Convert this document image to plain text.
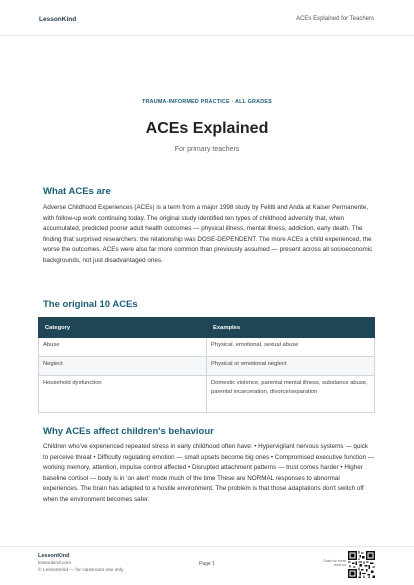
LessonKind	ACEs Explained for Teachers
TRAUMA-INFORMED PRACTICE · ALL GRADES
ACEs Explained
For primary teachers
What ACEs are
Adverse Childhood Experiences (ACEs) is a term from a major 1998 study by Felitti and Anda at Kaiser Permanente, with follow-up work continuing today. The original study identified ten types of childhood adversity that, when accumulated, predicted poorer adult health outcomes — physical illness, mental illness, addiction, early death. The finding that surprised researchers: the relationship was DOSE-DEPENDENT. The more ACEs a child experienced, the worse the outcomes. ACEs were also far more common than previously assumed — present across all socioeconomic backgrounds, not just disadvantaged ones.
The original 10 ACEs
Category	Examples
Abuse	Physical, emotional, sexual abuse
Neglect	Physical or emotional neglect
Household dysfunction	Domestic violence, parental mental illness, substance abuse, parental incarceration, divorce/separation
Why ACEs affect children's behaviour
Children who've experienced repeated stress in early childhood often have: • Hypervigilant nervous systems — quick to perceive threat • Difficulty regulating emotion — small upsets become big ones • Compromised executive function — working memory, attention, impulse control affected • Disrupted attachment patterns — trust comes harder • Higher baseline cortisol — body is in 'on alert' mode much of the time These are NORMAL responses to abnormal experiences. The brain has adapted to a hostile environment. The problem is that those adaptations don't switch off when the environment becomes safer.
LessonKind
lessonkind.com
© LessonKind — for classroom use only
Page 1	Scan for more from us
